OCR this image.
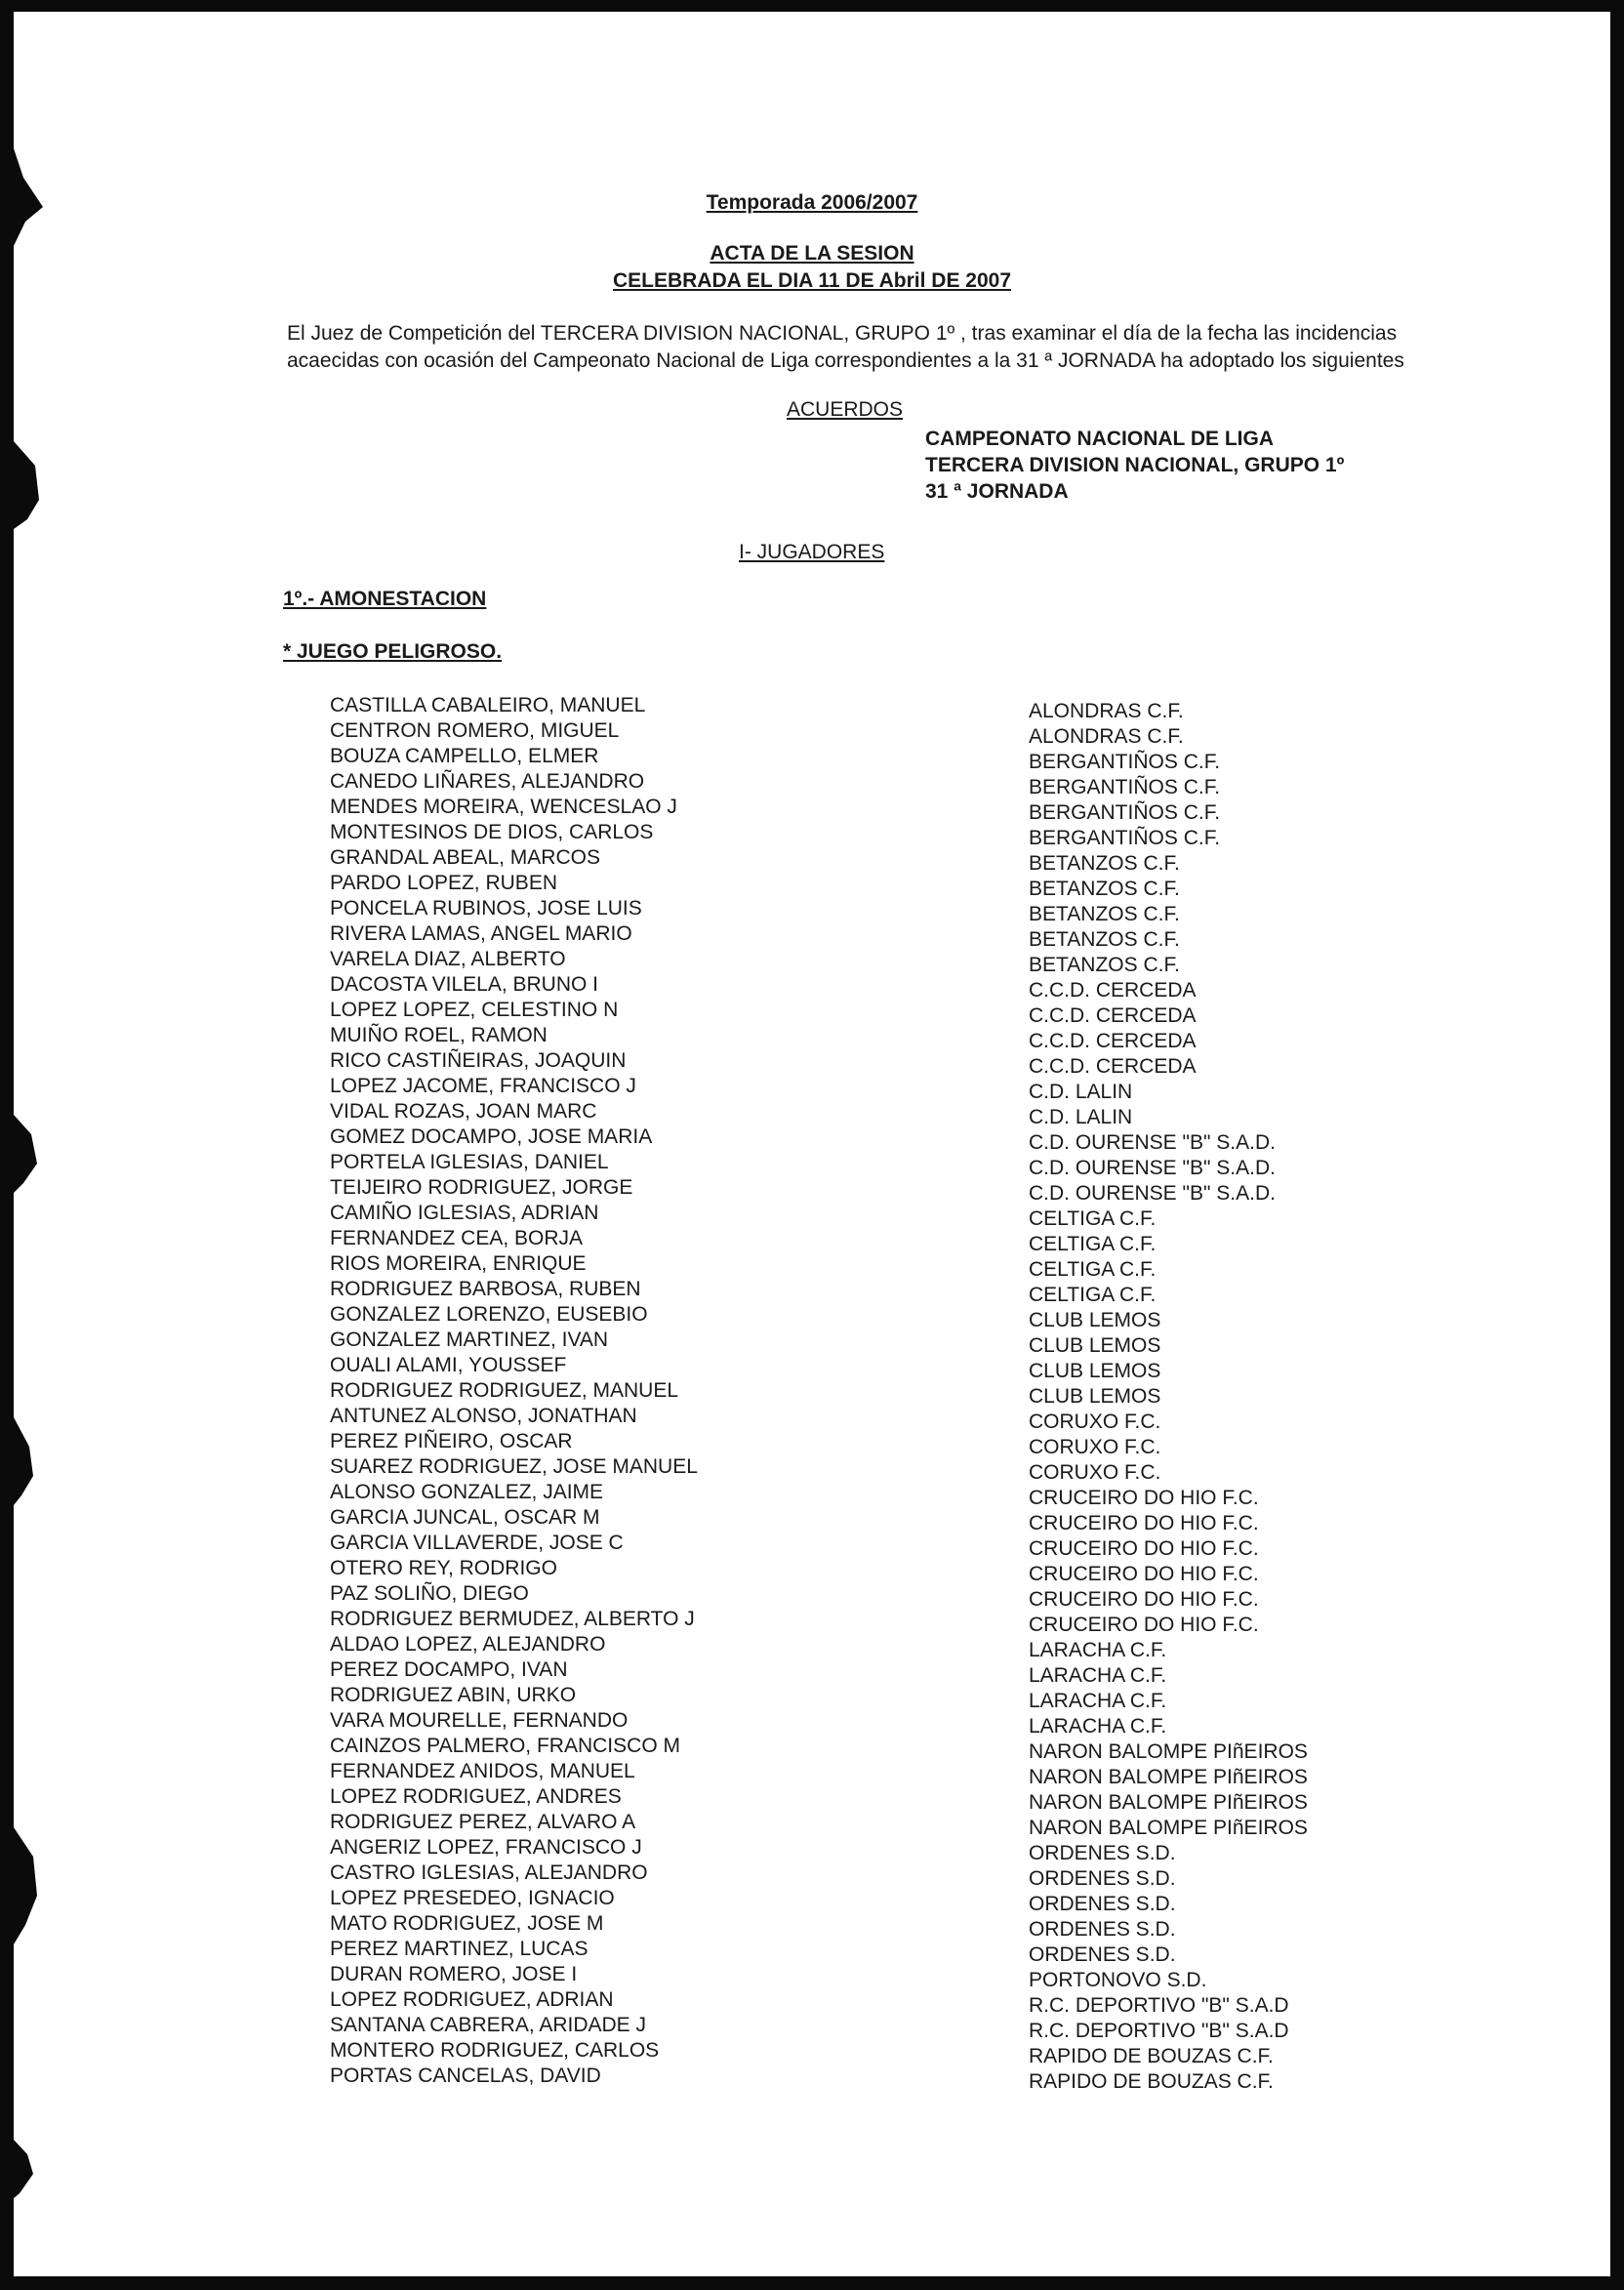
Temporada 2006/2007
ACTA DE LA SESION
CELEBRADA EL DIA 11 DE Abril DE 2007
El Juez de Competición del TERCERA DIVISION NACIONAL, GRUPO 1º , tras examinar el día de la fecha las incidencias
acaecidas con ocasión del Campeonato Nacional de Liga correspondientes a la 31 ª JORNADA ha adoptado los siguientes
ACUERDOS
CAMPEONATO NACIONAL DE LIGA
TERCERA DIVISION NACIONAL, GRUPO 1º
31 ª JORNADA
I- JUGADORES
1º.- AMONESTACION
* JUEGO PELIGROSO.
CASTILLA CABALEIRO, MANUEL
CENTRON ROMERO, MIGUEL
BOUZA CAMPELLO, ELMER
CANEDO LIÑARES, ALEJANDRO
MENDES MOREIRA, WENCESLAO J
MONTESINOS DE DIOS, CARLOS
GRANDAL ABEAL, MARCOS
PARDO LOPEZ, RUBEN
PONCELA RUBINOS, JOSE LUIS
RIVERA LAMAS, ANGEL MARIO
VARELA DIAZ, ALBERTO
DACOSTA VILELA, BRUNO I
LOPEZ LOPEZ, CELESTINO N
MUIÑO ROEL, RAMON
RICO CASTIÑEIRAS, JOAQUIN
LOPEZ JACOME, FRANCISCO J
VIDAL ROZAS, JOAN MARC
GOMEZ DOCAMPO, JOSE MARIA
PORTELA IGLESIAS, DANIEL
TEIJEIRO RODRIGUEZ, JORGE
CAMIÑO IGLESIAS, ADRIAN
FERNANDEZ CEA, BORJA
RIOS MOREIRA, ENRIQUE
RODRIGUEZ BARBOSA, RUBEN
GONZALEZ LORENZO, EUSEBIO
GONZALEZ MARTINEZ, IVAN
OUALI ALAMI, YOUSSEF
RODRIGUEZ RODRIGUEZ, MANUEL
ANTUNEZ ALONSO, JONATHAN
PEREZ PIÑEIRO, OSCAR
SUAREZ RODRIGUEZ, JOSE MANUEL
ALONSO GONZALEZ, JAIME
GARCIA JUNCAL, OSCAR M
GARCIA VILLAVERDE, JOSE C
OTERO REY, RODRIGO
PAZ SOLIÑO, DIEGO
RODRIGUEZ BERMUDEZ, ALBERTO J
ALDAO LOPEZ, ALEJANDRO
PEREZ DOCAMPO, IVAN
RODRIGUEZ ABIN, URKO
VARA MOURELLE, FERNANDO
CAINZOS PALMERO, FRANCISCO M
FERNANDEZ ANIDOS, MANUEL
LOPEZ RODRIGUEZ, ANDRES
RODRIGUEZ PEREZ, ALVARO A
ANGERIZ LOPEZ, FRANCISCO J
CASTRO IGLESIAS, ALEJANDRO
LOPEZ PRESEDEO, IGNACIO
MATO RODRIGUEZ, JOSE M
PEREZ MARTINEZ, LUCAS
DURAN ROMERO, JOSE I
LOPEZ RODRIGUEZ, ADRIAN
SANTANA CABRERA, ARIDADE J
MONTERO RODRIGUEZ, CARLOS
PORTAS CANCELAS, DAVID
ALONDRAS C.F.
ALONDRAS C.F.
BERGANTIÑOS C.F.
BERGANTIÑOS C.F.
BERGANTIÑOS C.F.
BERGANTIÑOS C.F.
BETANZOS C.F.
BETANZOS C.F.
BETANZOS C.F.
BETANZOS C.F.
BETANZOS C.F.
C.C.D. CERCEDA
C.C.D. CERCEDA
C.C.D. CERCEDA
C.C.D. CERCEDA
C.D. LALIN
C.D. LALIN
C.D. OURENSE "B" S.A.D.
C.D. OURENSE "B" S.A.D.
C.D. OURENSE "B" S.A.D.
CELTIGA C.F.
CELTIGA C.F.
CELTIGA C.F.
CELTIGA C.F.
CLUB LEMOS
CLUB LEMOS
CLUB LEMOS
CLUB LEMOS
CORUXO F.C.
CORUXO F.C.
CORUXO F.C.
CRUCEIRO DO HIO F.C.
CRUCEIRO DO HIO F.C.
CRUCEIRO DO HIO F.C.
CRUCEIRO DO HIO F.C.
CRUCEIRO DO HIO F.C.
CRUCEIRO DO HIO F.C.
LARACHA C.F.
LARACHA C.F.
LARACHA C.F.
LARACHA C.F.
NARON BALOMPE PIñEIROS
NARON BALOMPE PIñEIROS
NARON BALOMPE PIñEIROS
NARON BALOMPE PIñEIROS
ORDENES S.D.
ORDENES S.D.
ORDENES S.D.
ORDENES S.D.
ORDENES S.D.
PORTONOVO S.D.
R.C. DEPORTIVO "B" S.A.D
R.C. DEPORTIVO "B" S.A.D
RAPIDO DE BOUZAS C.F.
RAPIDO DE BOUZAS C.F.
